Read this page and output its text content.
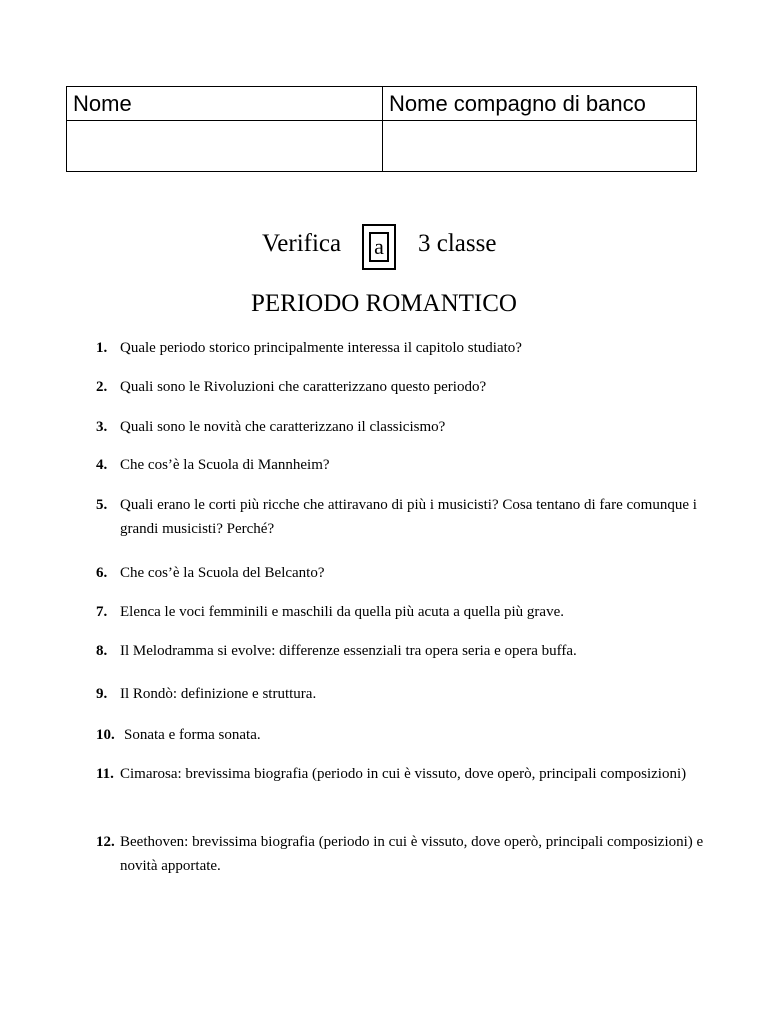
Nome	Nome compagno di banco

Verifica a 3 classe
PERIODO ROMANTICO
1. Quale periodo storico principalmente interessa il capitolo studiato?
2. Quali sono le Rivoluzioni che caratterizzano questo periodo?
3. Quali sono le novità che caratterizzano il classicismo?
4. Che cos’è la Scuola di Mannheim?
5. Quali erano le corti più ricche che attiravano di più i musicisti? Cosa tentano di fare comunque i grandi musicisti? Perché?
6. Che cos’è la Scuola del Belcanto?
7. Elenca le voci femminili e maschili da quella più acuta a quella più grave.
8. Il Melodramma si evolve: differenze essenziali tra opera seria e opera buffa.
9. Il Rondò: definizione e struttura.
10. Sonata e forma sonata.
11. Cimarosa: brevissima biografia (periodo in cui è vissuto, dove operò, principali composizioni)
12. Beethoven: brevissima biografia (periodo in cui è vissuto, dove operò, principali composizioni) e novità apportate.
